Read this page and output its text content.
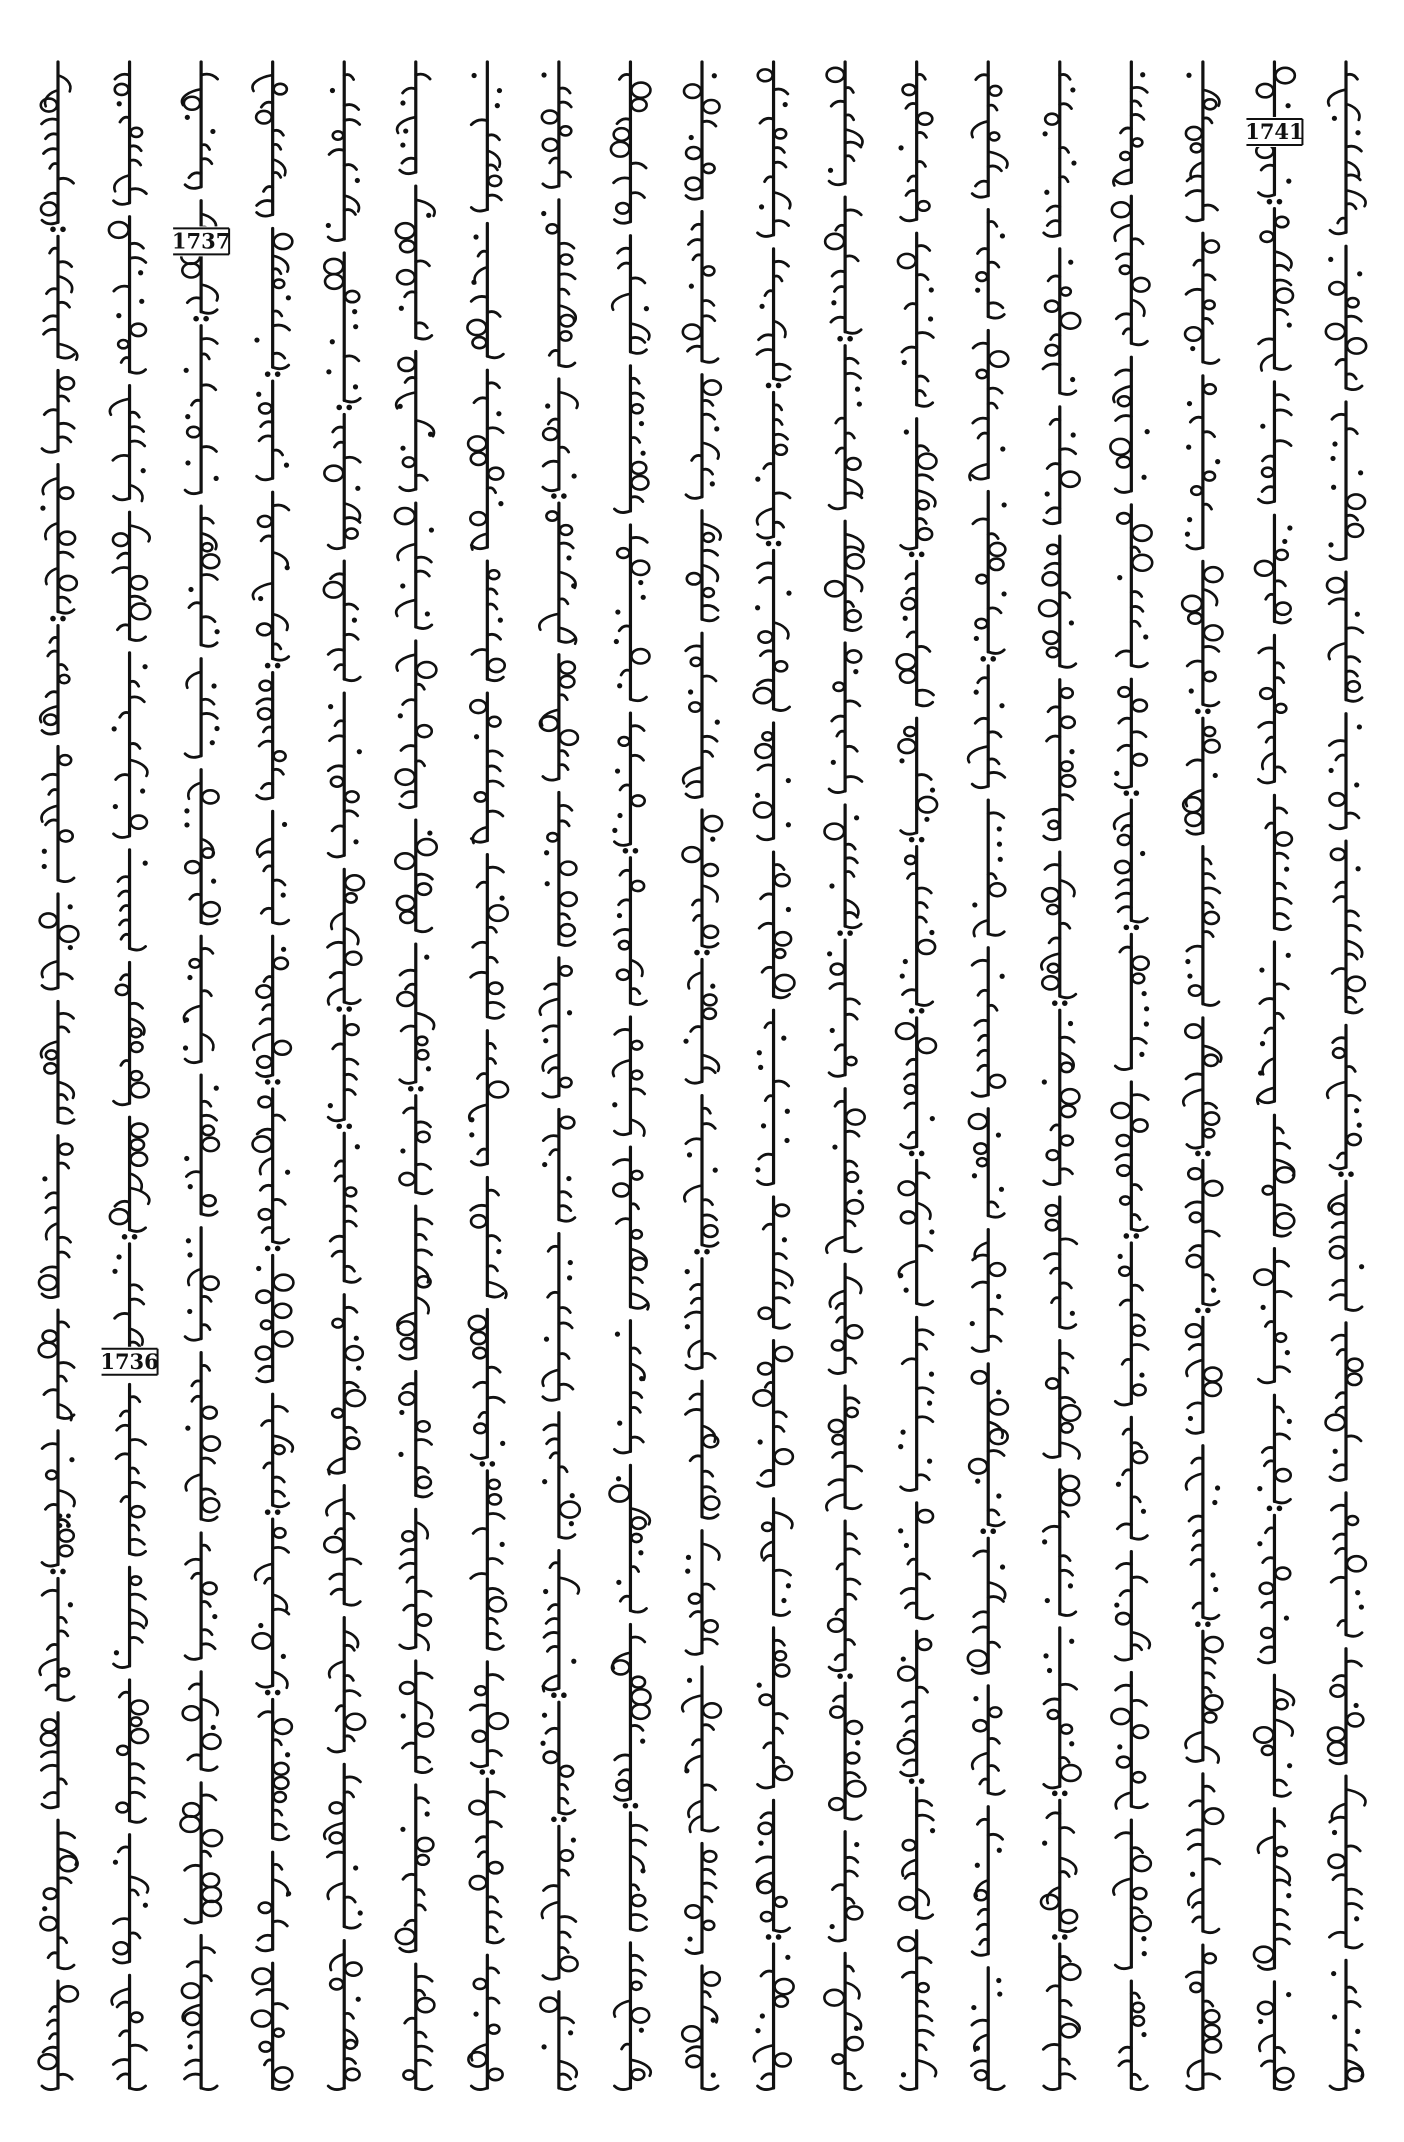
1736
1737
1741
::
